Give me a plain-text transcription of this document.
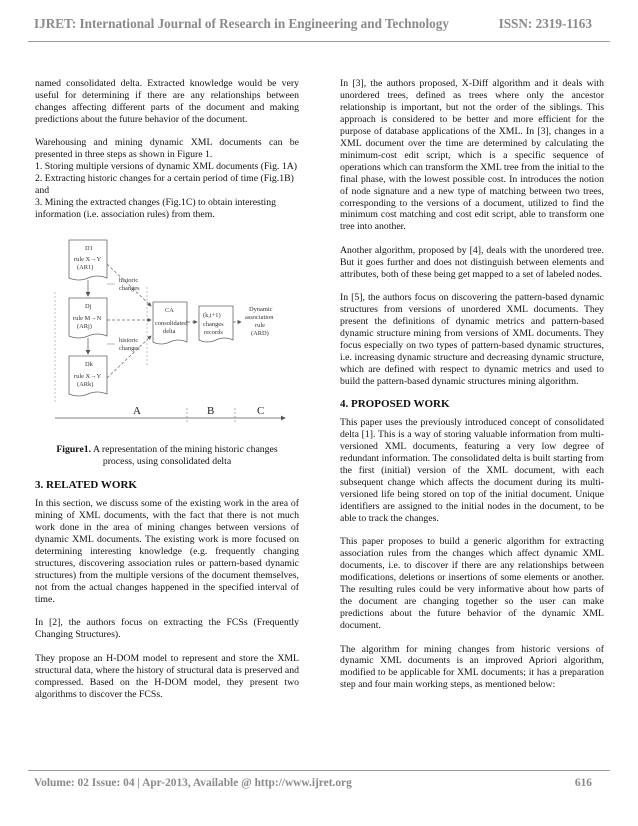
IJRET: International Journal of Research in Engineering and Technology	ISSN: 2319-1163

named consolidated delta. Extracted knowledge would be very useful for determining if there are any relationships between changes affecting different parts of the document and making predictions about the future behavior of the document.

Warehousing and mining dynamic XML documents can be presented in three steps as shown in Figure 1.
1. Storing multiple versions of dynamic XML documents (Fig. 1A)
2. Extracting historic changes for a certain period of time (Fig.1B) and
3. Mining the extracted changes (Fig.1C) to obtain interesting information (i.e. association rules) from them.

D1
rule X→Y
(AR1)
Dj
rule M→N
(ARj)
Dk
rule X→Y
(ARk)
historic changes
historic changes
CA
consolidated
delta
(k,i+1)
changes
records
Dynamic
association
rule
(ARD)
A	B	C
Figure1. A representation of the mining historic changes process, using consolidated delta
3. RELATED WORK

In this section, we discuss some of the existing work in the area of mining of XML documents, with the fact that there is not much work done in the area of mining changes between versions of dynamic XML documents. The existing work is more focused on determining interesting knowledge (e.g. frequently changing structures, discovering association rules or pattern-based dynamic structures) from the multiple versions of the document themselves, not from the actual changes happened in the specified interval of time.

In [2], the authors focus on extracting the FCSs (Frequently Changing Structures).

They propose an H-DOM model to represent and store the XML structural data, where the history of structural data is preserved and compressed. Based on the H-DOM model, they present two algorithms to discover the FCSs.

In [3], the authors proposed, X-Diff algorithm and it deals with unordered trees, defined as trees where only the ancestor relationship is important, but not the order of the siblings. This approach is considered to be better and more efficient for the purpose of database applications of the XML. In [3], changes in a XML document over the time are determined by calculating the minimum-cost edit script, which is a specific sequence of operations which can transform the XML tree from the initial to the final phase, with the lowest possible cost. In introduces the notion of node signature and a new type of matching between two trees, corresponding to the versions of a document, utilized to find the minimum cost matching and cost edit script, able to transform one tree into another.

Another algorithm, proposed by [4], deals with the unordered tree. But it goes further and does not distinguish between elements and attributes, both of these being get mapped to a set of labeled nodes.

In [5], the authors focus on discovering the pattern-based dynamic structures from versions of unordered XML documents. They present the definitions of dynamic metrics and pattern-based dynamic structure mining from versions of XML documents. They focus especially on two types of pattern-based dynamic structures, i.e. increasing dynamic structure and decreasing dynamic structure, which are defined with respect to dynamic metrics and used to build the pattern-based dynamic structures mining algorithm.

4. PROPOSED WORK

This paper uses the previously introduced concept of consolidated delta [1]. This is a way of storing valuable information from multi-versioned XML documents, featuring a very low degree of redundant information. The consolidated delta is built starting from the first (initial) version of the XML document, with each subsequent change which affects the document during its multi-versioned life being stored on top of the initial document. Unique identifiers are assigned to the initial nodes in the document, to be able to track the changes.

This paper proposes to build a generic algorithm for extracting association rules from the changes which affect dynamic XML documents, i.e. to discover if there are any relationships between modifications, deletions or insertions of some elements or another. The resulting rules could be very informative about how parts of the document are changing together so the user can make predictions about the future behavior of the dynamic XML document.

The algorithm for mining changes from historic versions of dynamic XML documents is an improved Apriori algorithm, modified to be applicable for XML documents; it has a preparation step and four main working steps, as mentioned below:

Volume: 02 Issue: 04 | Apr-2013, Available @ http://www.ijret.org	616
